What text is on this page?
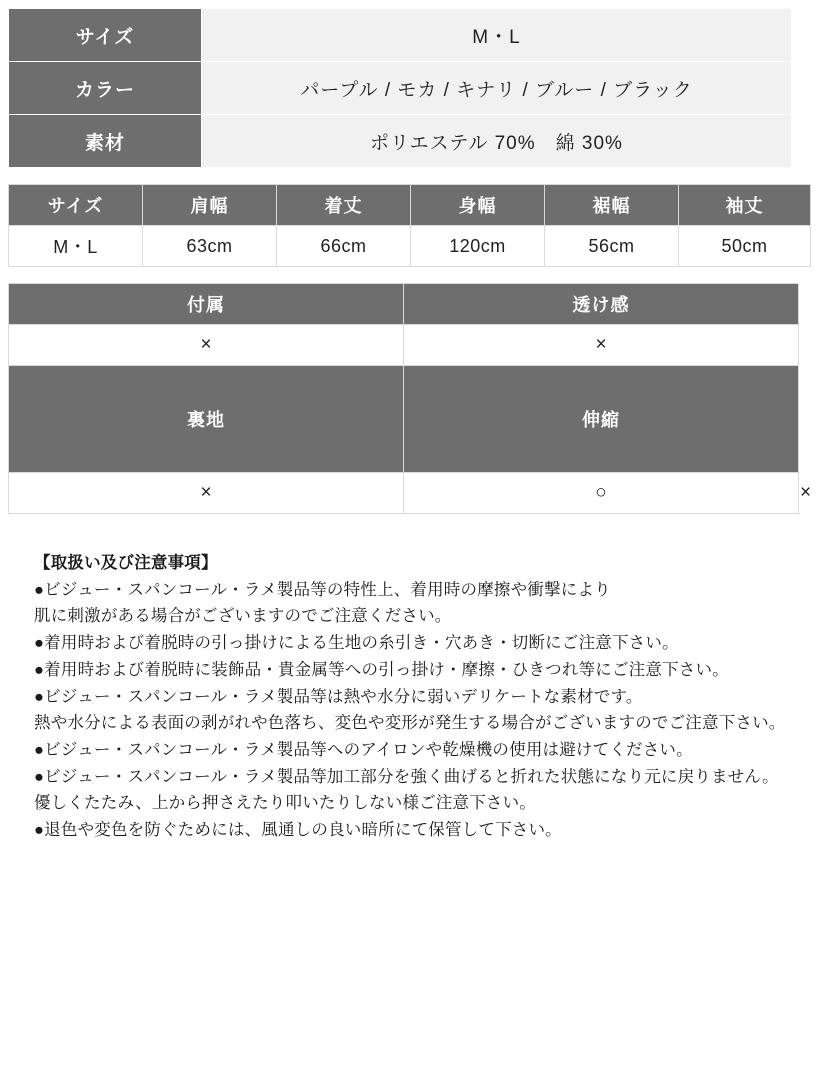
サイズ	M・L
カラー	パープル / モカ / キナリ / ブルー / ブラック
素材	ポリエステル 70%　綿 30%
サイズ	肩幅	着丈	身幅	裾幅	袖丈
M・L	63cm	66cm	120cm	56cm	50cm
付属	透け感	
×	×	
裏地	伸縮	ポケット
×	○	×

【取扱い及び注意事項】

●ビジュー・スパンコール・ラメ製品等の特性上、着用時の摩擦や衝撃により

肌に刺激がある場合がございますのでご注意ください。

●着用時および着脱時の引っ掛けによる生地の糸引き・穴あき・切断にご注意下さい。

●着用時および着脱時に装飾品・貴金属等への引っ掛け・摩擦・ひきつれ等にご注意下さい。

●ビジュー・スパンコール・ラメ製品等は熱や水分に弱いデリケートな素材です。

熱や水分による表面の剥がれや色落ち、変色や変形が発生する場合がございますのでご注意下さい。

●ビジュー・スパンコール・ラメ製品等へのアイロンや乾燥機の使用は避けてください。

●ビジュー・スパンコール・ラメ製品等加工部分を強く曲げると折れた状態になり元に戻りません。

優しくたたみ、上から押さえたり叩いたりしない様ご注意下さい。

●退色や変色を防ぐためには、風通しの良い暗所にて保管して下さい。
